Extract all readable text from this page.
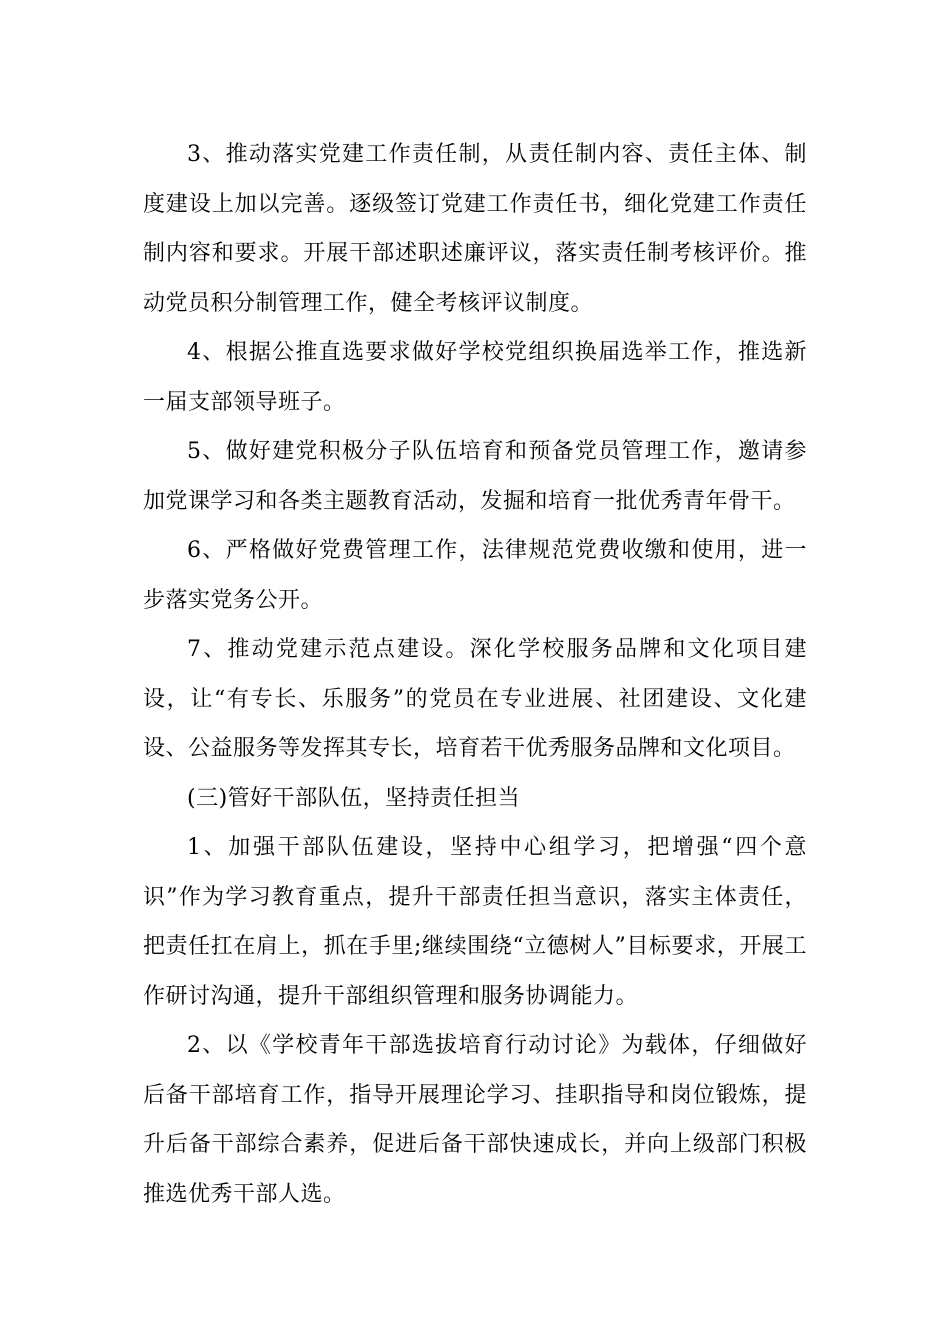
3、推动落实党建工作责任制，从责任制内容、责任主体、制度建设上加以完善。逐级签订党建工作责任书，细化党建工作责任制内容和要求。开展干部述职述廉评议，落实责任制考核评价。推动党员积分制管理工作，健全考核评议制度。

4、根据公推直选要求做好学校党组织换届选举工作，推选新一届支部领导班子。

5、做好建党积极分子队伍培育和预备党员管理工作，邀请参加党课学习和各类主题教育活动，发掘和培育一批优秀青年骨干。

6、严格做好党费管理工作，法律规范党费收缴和使用，进一步落实党务公开。

7、推动党建示范点建设。深化学校服务品牌和文化项目建设，让“有专长、乐服务”的党员在专业进展、社团建设、文化建设、公益服务等发挥其专长，培育若干优秀服务品牌和文化项目。

(三)管好干部队伍，坚持责任担当

1、加强干部队伍建设，坚持中心组学习，把增强“四个意识”作为学习教育重点，提升干部责任担当意识，落实主体责任，把责任扛在肩上，抓在手里;继续围绕“立德树人”目标要求，开展工作研讨沟通，提升干部组织管理和服务协调能力。

2、以《学校青年干部选拔培育行动讨论》为载体，仔细做好后备干部培育工作，指导开展理论学习、挂职指导和岗位锻炼，提升后备干部综合素养，促进后备干部快速成长，并向上级部门积极推选优秀干部人选。
